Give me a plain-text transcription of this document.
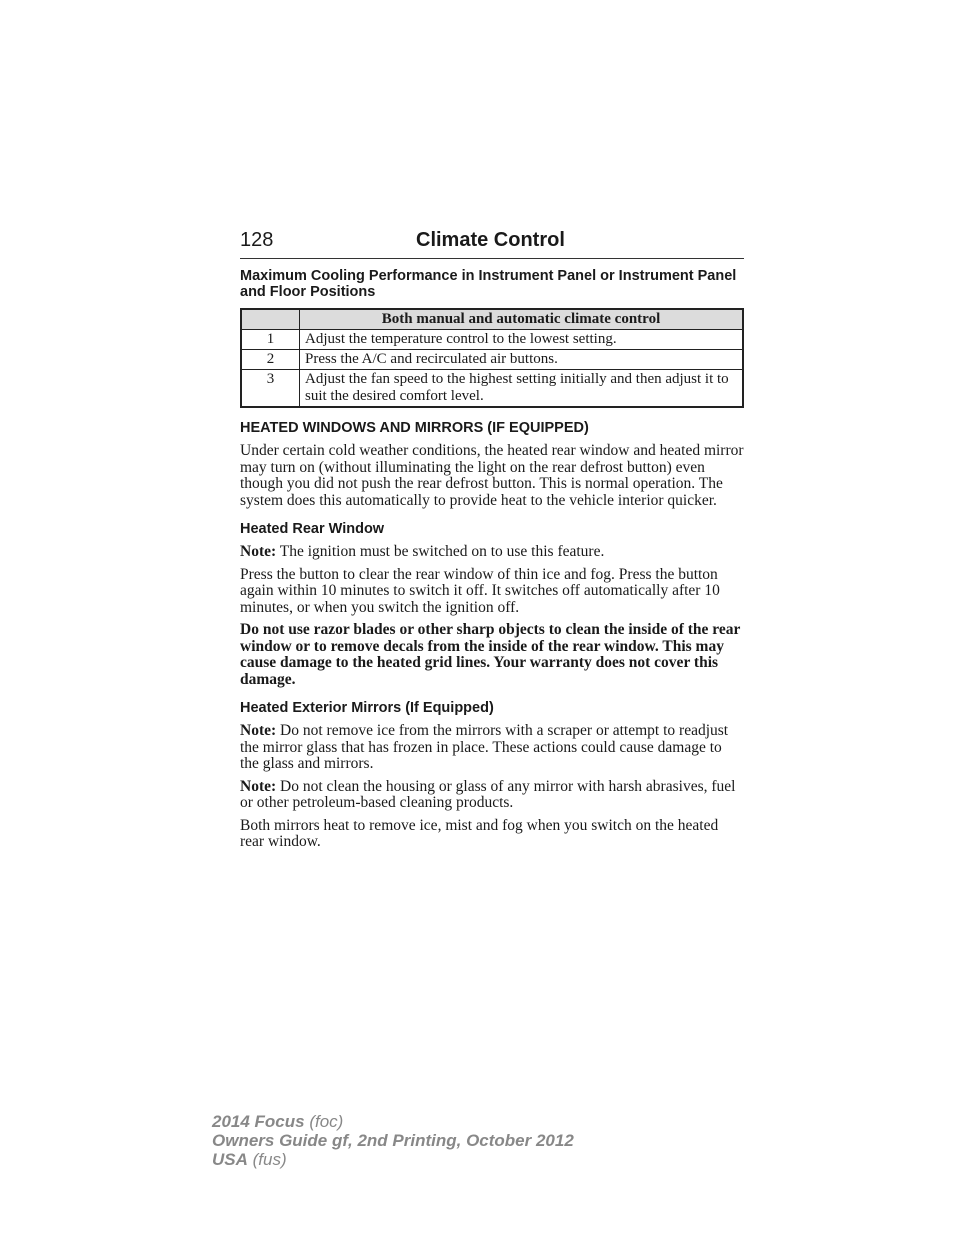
128	Climate Control
Maximum Cooling Performance in Instrument Panel or Instrument Panel and Floor Positions
	Both manual and automatic climate control
1	Adjust the temperature control to the lowest setting.
2	Press the A/C and recirculated air buttons.
3	Adjust the fan speed to the highest setting initially and then adjust it to suit the desired comfort level.
HEATED WINDOWS AND MIRRORS (IF EQUIPPED)

Under certain cold weather conditions, the heated rear window and heated mirror may turn on (without illuminating the light on the rear defrost button) even though you did not push the rear defrost button. This is normal operation. The system does this automatically to provide heat to the vehicle interior quicker.

Heated Rear Window

Note: The ignition must be switched on to use this feature.

Press the button to clear the rear window of thin ice and fog. Press the button again within 10 minutes to switch it off. It switches off automatically after 10 minutes, or when you switch the ignition off.

Do not use razor blades or other sharp objects to clean the inside of the rear window or to remove decals from the inside of the rear window. This may cause damage to the heated grid lines. Your warranty does not cover this damage.

Heated Exterior Mirrors (If Equipped)

Note: Do not remove ice from the mirrors with a scraper or attempt to readjust the mirror glass that has frozen in place. These actions could cause damage to the glass and mirrors.

Note: Do not clean the housing or glass of any mirror with harsh abrasives, fuel or other petroleum-based cleaning products.

Both mirrors heat to remove ice, mist and fog when you switch on the heated rear window.

2014 Focus (foc)
Owners Guide gf, 2nd Printing, October 2012
USA (fus)
